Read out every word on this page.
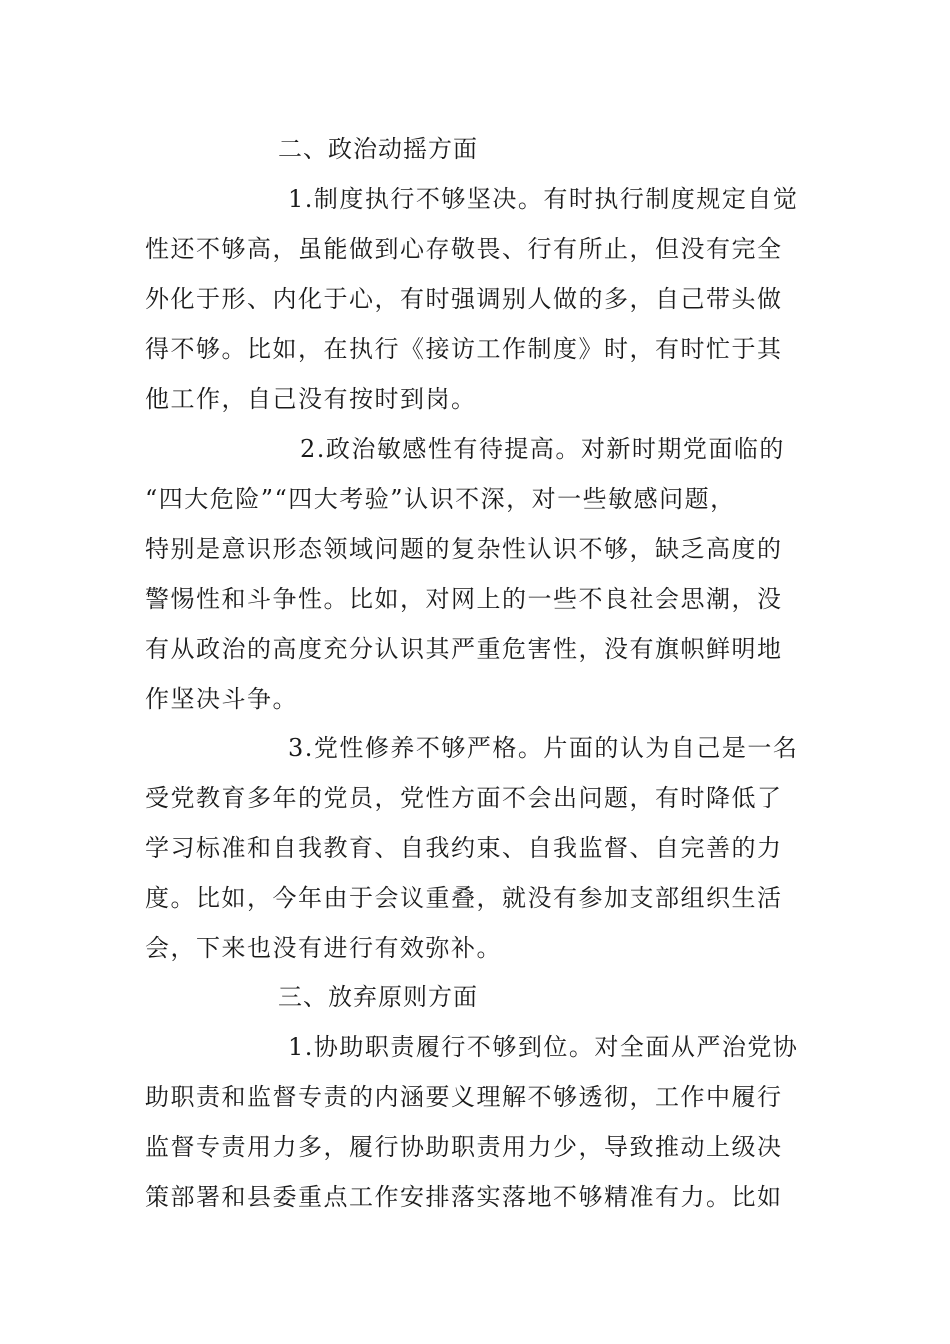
二、政治动摇方面
1.制度执行不够坚决。有时执行制度规定自觉
性还不够高，虽能做到心存敬畏、行有所止，但没有完全
外化于形、内化于心，有时强调别人做的多，自己带头做
得不够。比如，在执行《接访工作制度》时，有时忙于其
他工作，自己没有按时到岗。
2.政治敏感性有待提高。对新时期党面临的
“四大危险”“四大考验”认识不深，对一些敏感问题，
特别是意识形态领域问题的复杂性认识不够，缺乏高度的
警惕性和斗争性。比如，对网上的一些不良社会思潮，没
有从政治的高度充分认识其严重危害性，没有旗帜鲜明地
作坚决斗争。
3.党性修养不够严格。片面的认为自己是一名
受党教育多年的党员，党性方面不会出问题，有时降低了
学习标准和自我教育、自我约束、自我监督、自完善的力
度。比如，今年由于会议重叠，就没有参加支部组织生活
会，下来也没有进行有效弥补。
三、放弃原则方面
1.协助职责履行不够到位。对全面从严治党协
助职责和监督专责的内涵要义理解不够透彻，工作中履行
监督专责用力多，履行协助职责用力少，导致推动上级决
策部署和县委重点工作安排落实落地不够精准有力。比如
